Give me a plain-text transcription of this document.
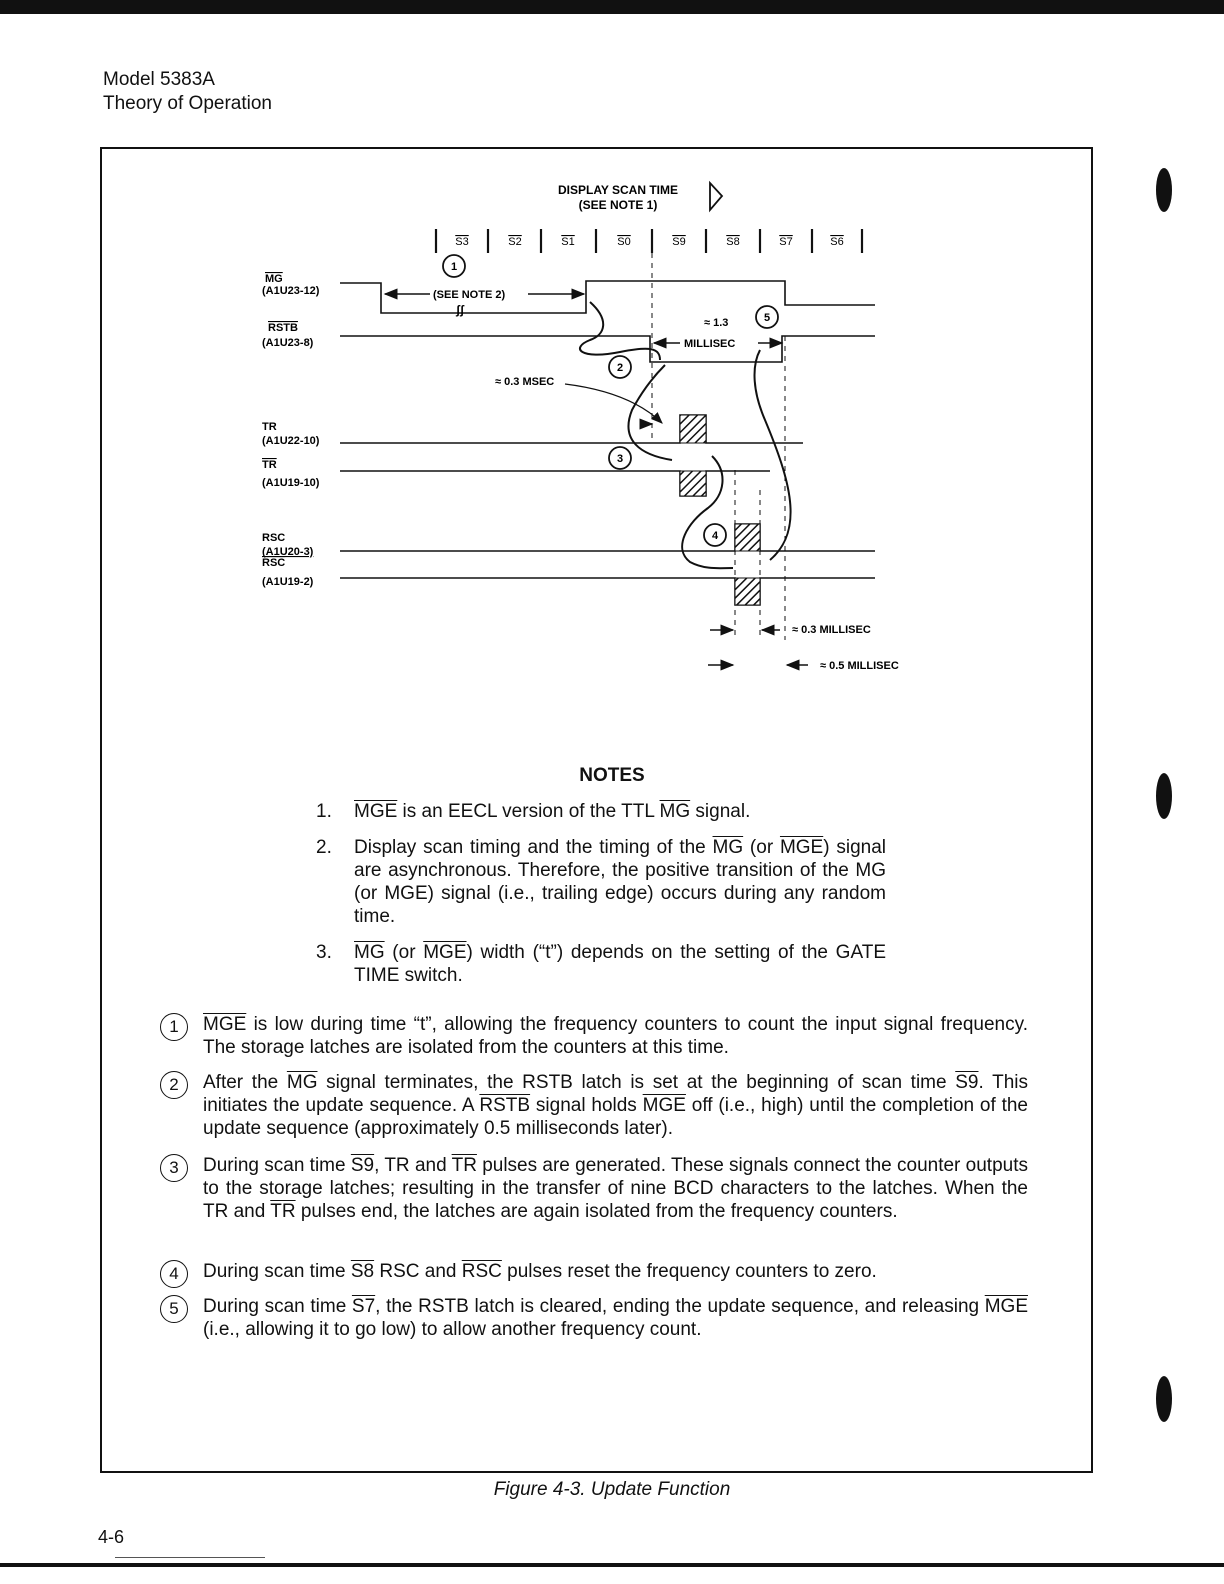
Model 5383A
Theory of Operation
DISPLAY SCAN TIME
(SEE NOTE 1)
S3	S2	S1	S0	S9	S8	S7	S6
MG
(A1U23-12)
RSTB
(A1U23-8)
TR
(A1U22-10)
TR
(A1U19-10)
RSC
(A1U20-3)
RSC
(A1U19-2)
(SEE NOTE 2)
ʃʃ
≈ 1.3
MILLISEC
≈ 0.3 MSEC
≈ 0.3 MILLISEC
≈ 0.5 MILLISEC
1
2
3
4
5
NOTES
1. $\overline{MGE}$ is an EECL version of the TTL $\overline{MG}$ signal.
2. Display scan timing and the timing of the $\overline{MG}$ (or $\overline{MGE}$) signal are asynchronous. Therefore, the positive transition of the MG (or MGE) signal (i.e., trailing edge) occurs during any random time.
3. $\overline{MG}$ (or $\overline{MGE}$) width (“t”) depends on the setting of the GATE TIME switch.
1	$\overline{MGE}$ is low during time “t”, allowing the frequency counters to count the input signal frequency. The storage latches are isolated from the counters at this time.
2	After the $\overline{MG}$ signal terminates, the RSTB latch is set at the beginning of scan time S9. This initiates the update sequence. A RSTB signal holds $\overline{MGE}$ off (i.e., high) until the completion of the update sequence (approximately 0.5 milliseconds later).
3	During scan time S9, TR and $\overline{TR}$ pulses are generated. These signals connect the counter outputs to the storage latches; resulting in the transfer of nine BCD characters to the latches. When the TR and $\overline{TR}$ pulses end, the latches are again isolated from the frequency counters.
4	During scan time S8 RSC and $\overline{RSC}$ pulses reset the frequency counters to zero.
5	During scan time S7, the RSTB latch is cleared, ending the update sequence, and releasing $\overline{MGE}$ (i.e., allowing it to go low) to allow another frequency count.
Figure 4-3. Update Function
4-6
